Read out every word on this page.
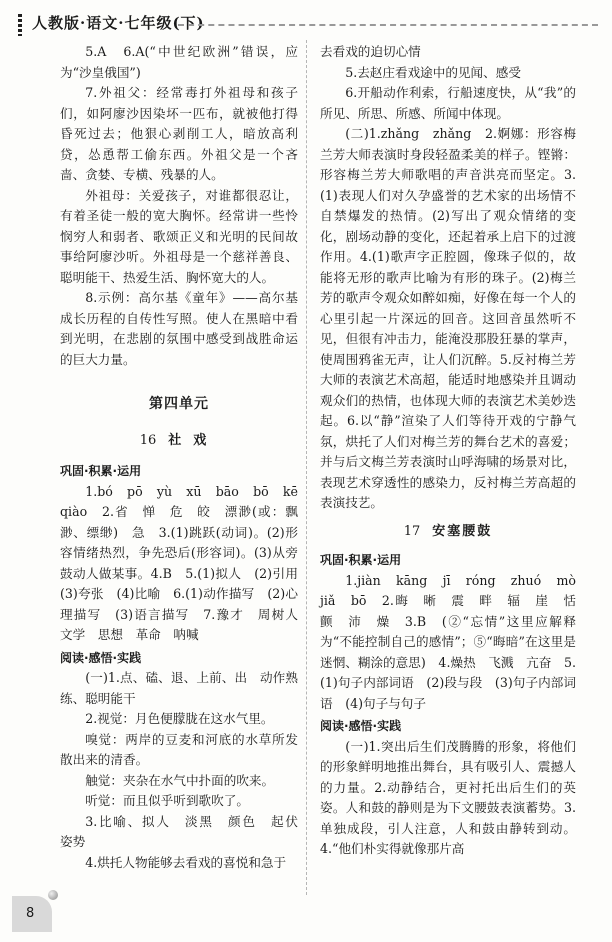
人教版·语文·七年级(下)

5.A　6.A(“中世纪欧洲”错误，应为“沙皇俄国”)

7.外祖父：经常毒打外祖母和孩子们，如阿廖沙因染坏一匹布，就被他打得昏死过去；他狠心剥削工人，暗放高利贷，怂恿帮工偷东西。外祖父是一个吝啬、贪婪、专横、残暴的人。

外祖母：关爱孩子，对谁都很忍让，有着圣徒一般的宽大胸怀。经常讲一些怜悯穷人和弱者、歌颂正义和光明的民间故事给阿廖沙听。外祖母是一个慈祥善良、聪明能干、热爱生活、胸怀宽大的人。

8.示例：高尔基《童年》——高尔基成长历程的自传性写照。使人在黑暗中看到光明，在悲剧的氛围中感受到战胜命运的巨大力量。

第四单元
16 社戏

巩固·积累·运用

1.bó　pō　yù　xū　bāo　bō　kē　qiào　2.省　惮　危　皎　漂渺(或：飘渺、缥缈)　急　3.(1)跳跃(动词)。(2)形容情绪热烈，争先恐后(形容词)。(3)从旁鼓动人做某事。4.B　5.(1)拟人　(2)引用　(3)夸张　(4)比喻　6.(1)动作描写　(2)心理描写　(3)语言描写　7.豫才　周树人　文学　思想　革命　呐喊

阅读·感悟·实践

(一)1.点、磕、退、上前、出　动作熟练、聪明能干

2.视觉：月色便朦胧在这水气里。

嗅觉：两岸的豆麦和河底的水草所发散出来的清香。

触觉：夹杂在水气中扑面的吹来。

听觉：而且似乎听到歌吹了。

3.比喻、拟人　淡黑　颜色　起伏　姿势

4.烘托人物能够去看戏的喜悦和急于

去看戏的迫切心情

5.去赵庄看戏途中的见闻、感受

6.开船动作利索，行船速度快，从“我”的所见、所思、所感、所闻中体现。

(二)1.zhǎng　zhǎng　2.婀娜：形容梅兰芳大师表演时身段轻盈柔美的样子。铿锵：形容梅兰芳大师歌唱的声音洪亮而坚定。3.(1)表现人们对久孕盛誉的艺术家的出场情不自禁爆发的热情。(2)写出了观众情绪的变化，剧场动静的变化，还起着承上启下的过渡作用。4.(1)歌声字正腔圆，像珠子似的，故能将无形的歌声比喻为有形的珠子。(2)梅兰芳的歌声令观众如醉如痴，好像在每一个人的心里引起一片深远的回音。这回音虽然听不见，但很有冲击力，能淹没那股狂暴的掌声，使周围鸦雀无声，让人们沉醉。5.反衬梅兰芳大师的表演艺术高超，能适时地感染并且调动观众们的热情，也体现大师的表演艺术美妙迭起。6.以“静”渲染了人们等待开戏的宁静气氛，烘托了人们对梅兰芳的舞台艺术的喜爱；并与后文梅兰芳表演时山呼海啸的场景对比，表现艺术穿透性的感染力，反衬梅兰芳高超的表演技艺。

17 安塞腰鼓

巩固·积累·运用

1.jiàn　kāng　jī　róng　zhuó　mò　jiǎ　bō　2.晦　晰　震　畔　辐　崖　恬　颤　沛　燥　3.B　(②“忘情”这里应解释为“不能控制自己的感情”；⑤“晦暗”在这里是迷惘、糊涂的意思)　4.燥热　飞溅　亢奋　5.(1)句子内部词语　(2)段与段　(3)句子内部词语　(4)句子与句子

阅读·感悟·实践

(一)1.突出后生们茂腾腾的形象，将他们的形象鲜明地推出舞台，具有吸引人、震撼人的力量。2.动静结合，更衬托出后生们的英姿。人和鼓的静则是为下文腰鼓表演蓄势。3.单独成段，引人注意，人和鼓由静转到动。4.“他们朴实得就像那片高

8
